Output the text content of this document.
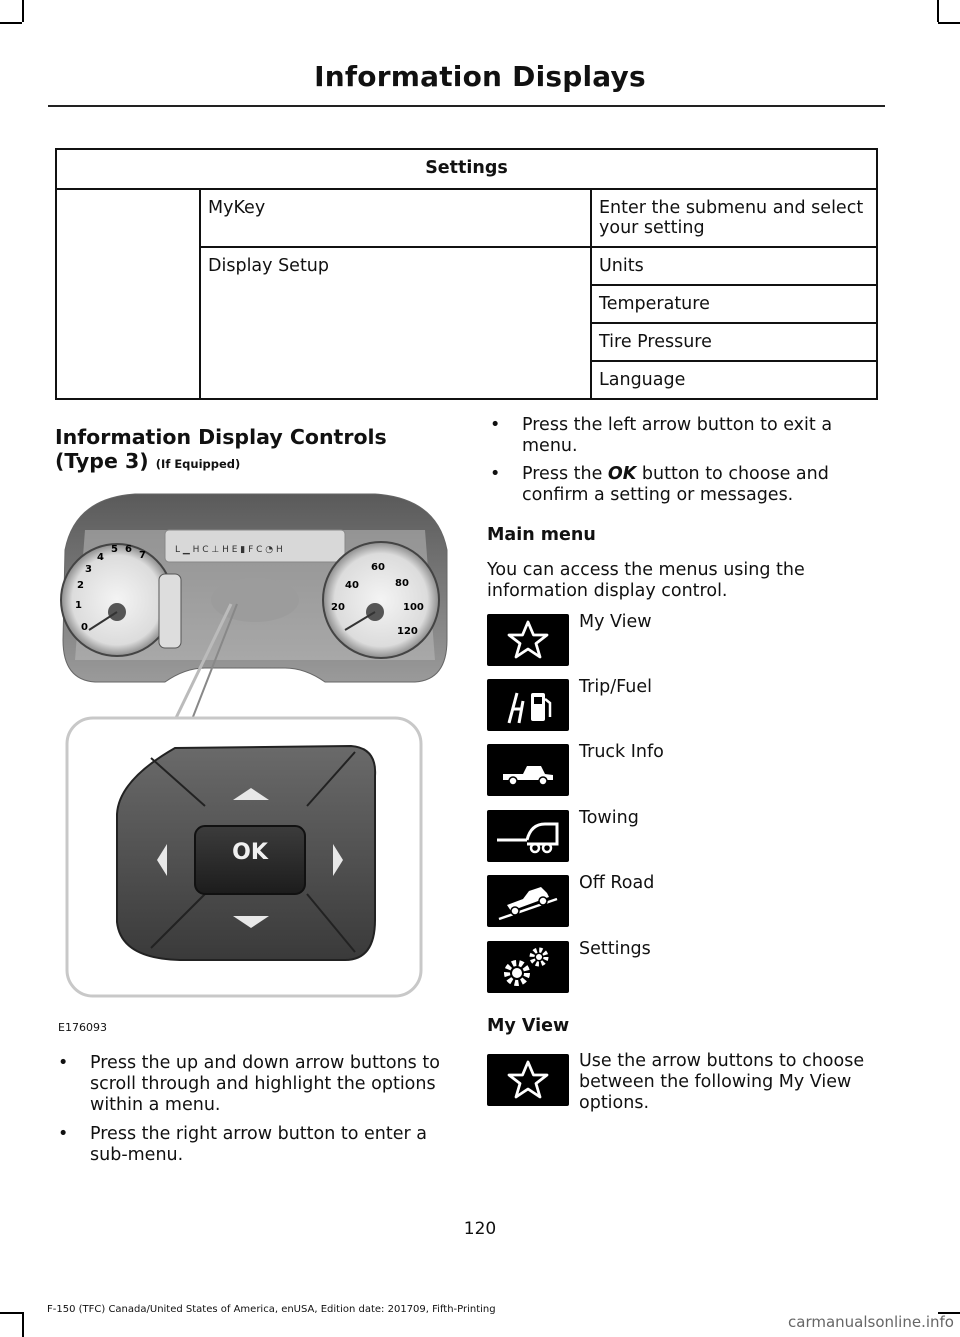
Information Displays
Settings		
	MyKey	Enter the submenu and select your setting
	Display Setup	Units
		Temperature
		Tire Pressure
		Language
Information Display Controls
(Type 3) (If Equipped)
L ▁ H C ⊥ H E ▮ F C ◔ H
0
1
2
3
4
5 6
7
40
60
80
20	100
120
OK
E176093
• Press the up and down arrow buttons to scroll through and highlight the options within a menu.
• Press the right arrow button to enter a sub-menu.
• Press the left arrow button to exit a menu.
• Press the OK button to choose and confirm a setting or messages.
Main menu
You can access the menus using the information display control.
My View
Trip/Fuel
Truck Info
Towing
Off Road
Settings
My View
Use the arrow buttons to choose between the following My View options.
120
F-150 (TFC) Canada/United States of America, enUSA, Edition date: 201709, Fifth-Printing
carmanualsonline.info
